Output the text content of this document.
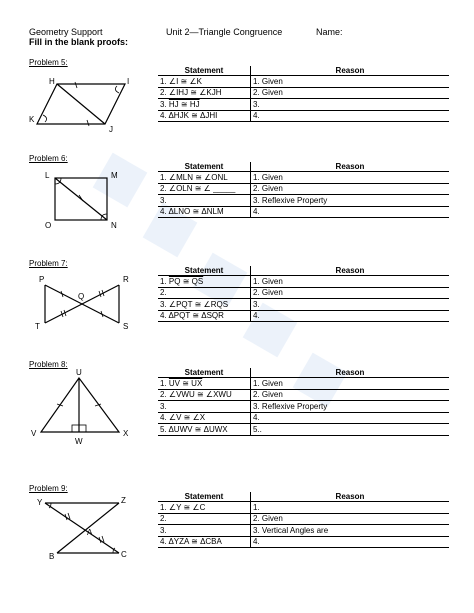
Geometry Support	Unit 2—Triangle Congruence	Name:
Fill in the blank proofs:
Problem 5:
H	I
K
J
Statement	Reason
1. ∠I ≅ ∠K	1. Given
2. ∠IHJ ≅ ∠KJH	2. Given
3. HJ ≅ HJ	3.
4. ΔHJK ≅ ΔJHI	4.
Problem 6:
L	M
O	N
Statement	Reason
1. ∠MLN ≅ ∠ONL	1. Given
2. ∠OLN ≅ ∠ _____	2. Given
3.	3. Reflexive Property
4. ΔLNO ≅ ΔNLM	4.
Problem 7:
P
Q
R
T	S
Statement	Reason
1. PQ ≅ QS	1. Given
2.	2. Given
3. ∠PQT ≅ ∠RQS	3.
4. ΔPQT ≅ ΔSQR	4.
Problem 8:
U
V
W
X
Statement	Reason
1. UV ≅ UX	1. Given
2. ∠VWU ≅ ∠XWU	2. Given
3.	3. Reflexive Property
4. ∠V ≅ ∠X	4.
5. ΔUWV ≅ ΔUWX	5..
Problem 9:
Y	Z
A
B	C
Statement	Reason
1. ∠Y ≅ ∠C	1.
2.	2. Given
3.	3. Vertical Angles are  
4. ΔYZA ≅ ΔCBA	4.
